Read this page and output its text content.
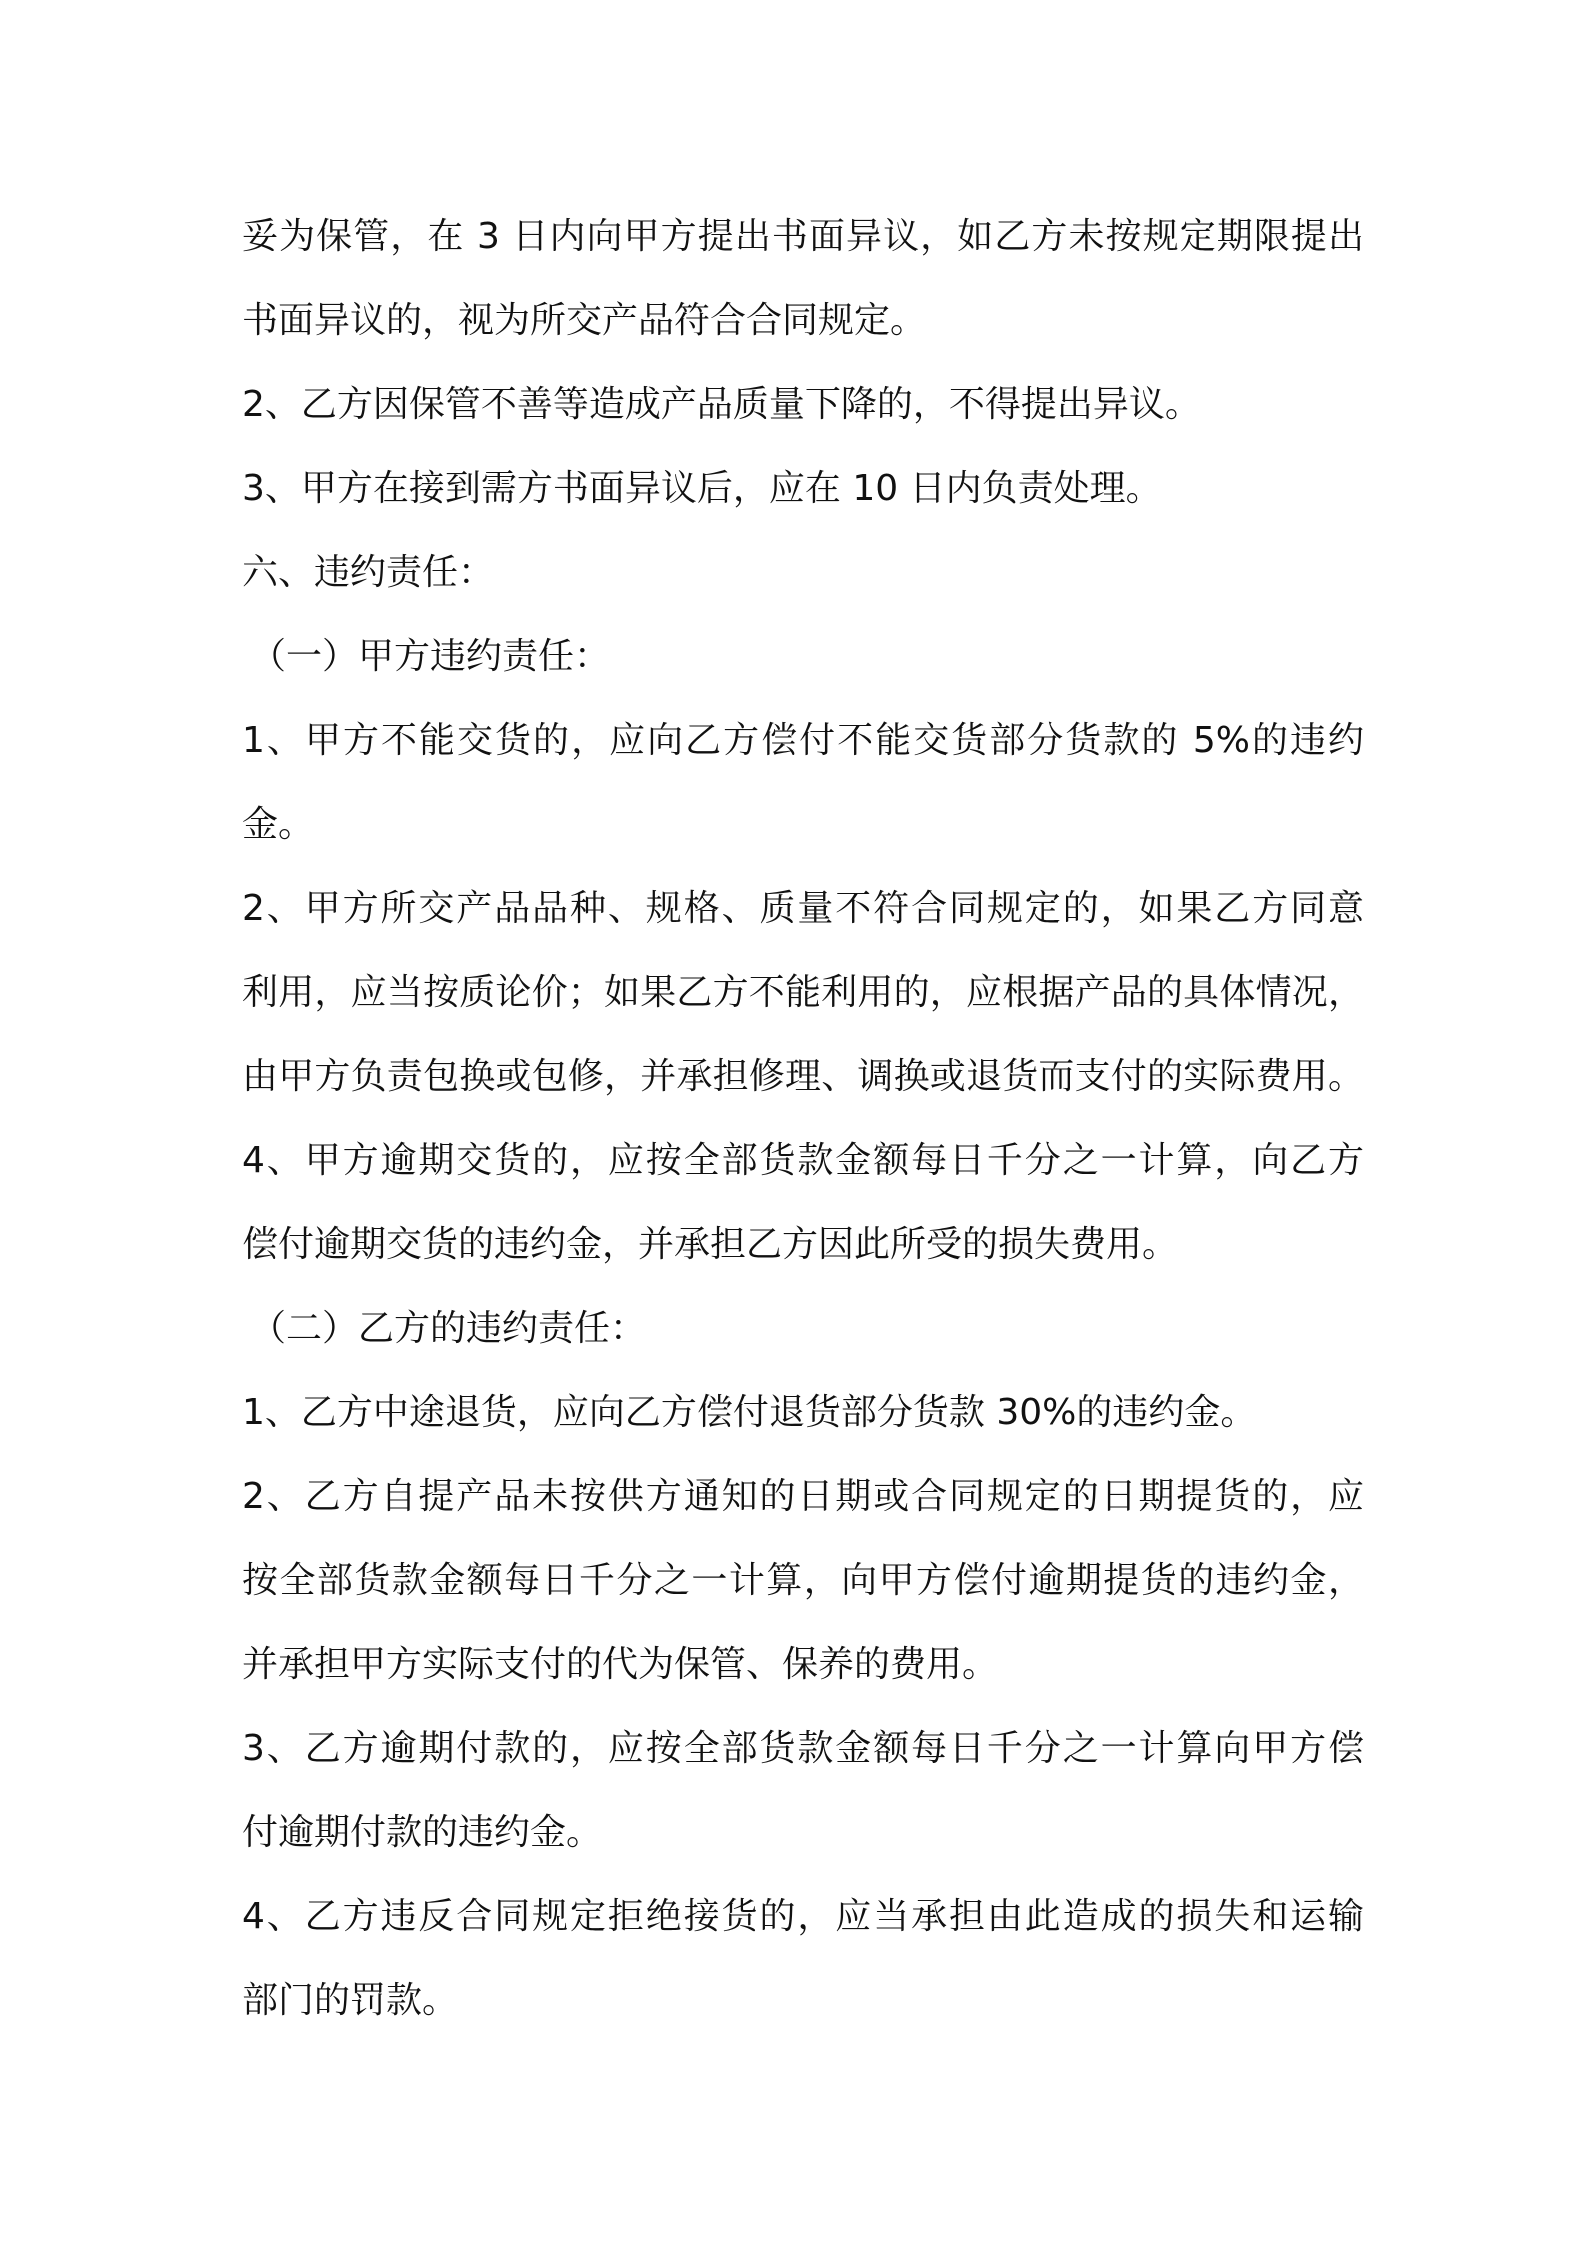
妥为保管，在 3 日内向甲方提出书面异议，如乙方未按规定期限提出
书面异议的，视为所交产品符合合同规定。
2、乙方因保管不善等造成产品质量下降的，不得提出异议。
3、甲方在接到需方书面异议后，应在 10 日内负责处理。
六、违约责任：
（一）甲方违约责任：
1、甲方不能交货的，应向乙方偿付不能交货部分货款的 5%的违约
金。
2、甲方所交产品品种、规格、质量不符合同规定的，如果乙方同意
利用，应当按质论价；如果乙方不能利用的，应根据产品的具体情况，
由甲方负责包换或包修，并承担修理、调换或退货而支付的实际费用。
4、甲方逾期交货的，应按全部货款金额每日千分之一计算，向乙方
偿付逾期交货的违约金，并承担乙方因此所受的损失费用。
（二）乙方的违约责任：
1、乙方中途退货，应向乙方偿付退货部分货款 30%的违约金。
2、乙方自提产品未按供方通知的日期或合同规定的日期提货的，应
按全部货款金额每日千分之一计算，向甲方偿付逾期提货的违约金，
并承担甲方实际支付的代为保管、保养的费用。
3、乙方逾期付款的，应按全部货款金额每日千分之一计算向甲方偿
付逾期付款的违约金。
4、乙方违反合同规定拒绝接货的，应当承担由此造成的损失和运输
部门的罚款。
